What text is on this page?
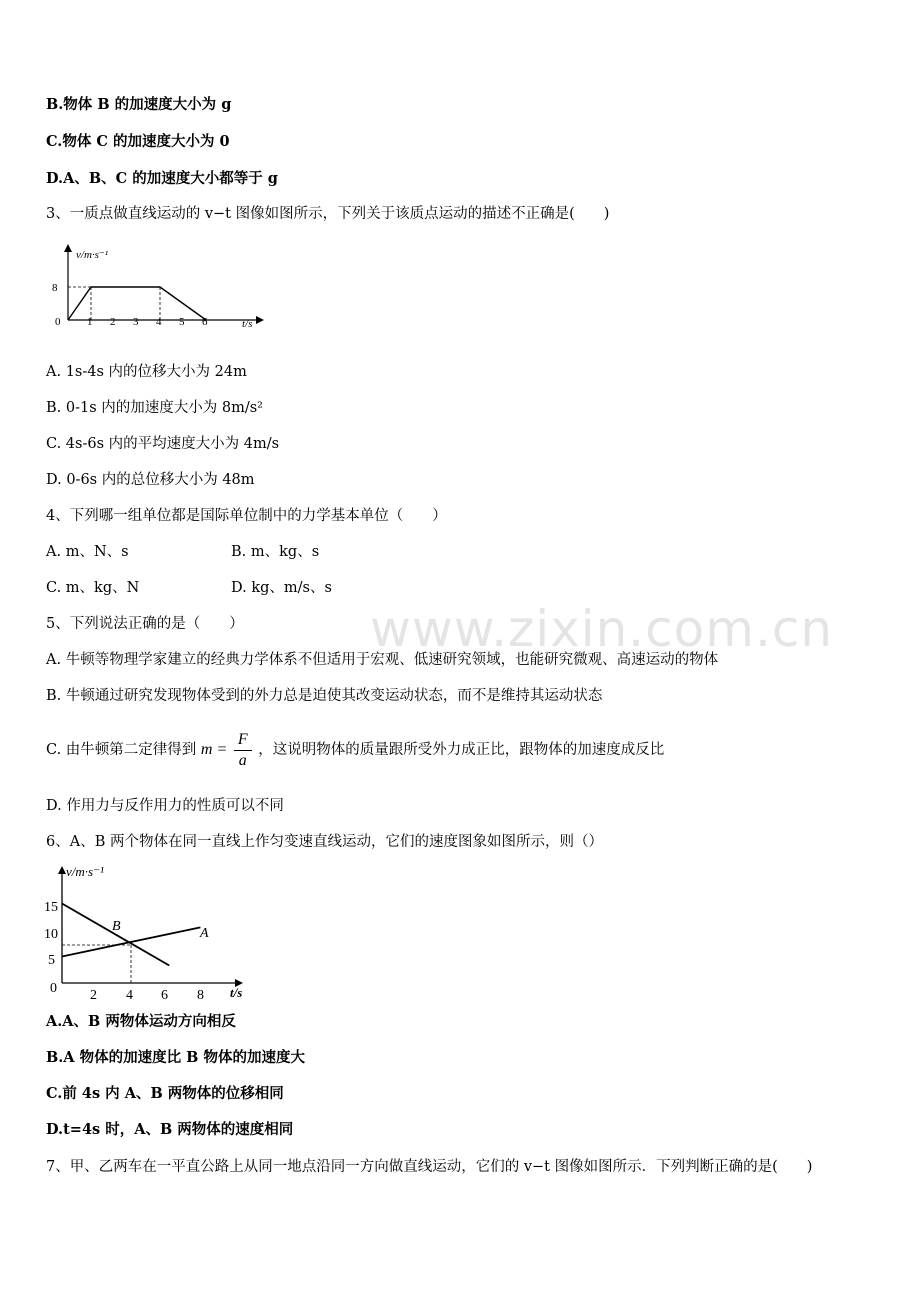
www.zixin.com.cn
B.物体 B 的加速度大小为 g
C.物体 C 的加速度大小为 0
D.A、B、C 的加速度大小都等于 g
3、一质点做直线运动的 v−t 图像如图所示，下列关于该质点运动的描述不正确是(　　)
v/m·s⁻¹
t/s
8
0 1 2 3 4 5 6
A. 1s-4s 内的位移大小为 24m
B. 0-1s 内的加速度大小为 8m/s²
C. 4s-6s 内的平均速度大小为 4m/s
D. 0-6s 内的总位移大小为 48m
4、下列哪一组单位都是国际单位制中的力学基本单位（　　）
A. m、N、s	B. m、kg、s
C. m、kg、N	D. kg、m/s、s
5、下列说法正确的是（　　）
A. 牛顿等物理学家建立的经典力学体系不但适用于宏观、低速研究领域，也能研究微观、高速运动的物体
B. 牛顿通过研究发现物体受到的外力总是迫使其改变运动状态，而不是维持其运动状态
C. 由牛顿第二定律得到 $m = \frac{F}{a}$ ，这说明物体的质量跟所受外力成正比，跟物体的加速度成反比
D. 作用力与反作用力的性质可以不同
6、A、B 两个物体在同一直线上作匀变速直线运动，它们的速度图象如图所示，则（）
v/m·s⁻¹
t/s
15
10
5
0 2 4 6 8
B	A
A.A、B 两物体运动方向相反
B.A 物体的加速度比 B 物体的加速度大
C.前 4s 内 A、B 两物体的位移相同
D.t=4s 时，A、B 两物体的速度相同
7、甲、乙两车在一平直公路上从同一地点沿同一方向做直线运动，它们的 v−t 图像如图所示．下列判断正确的是(　　)
